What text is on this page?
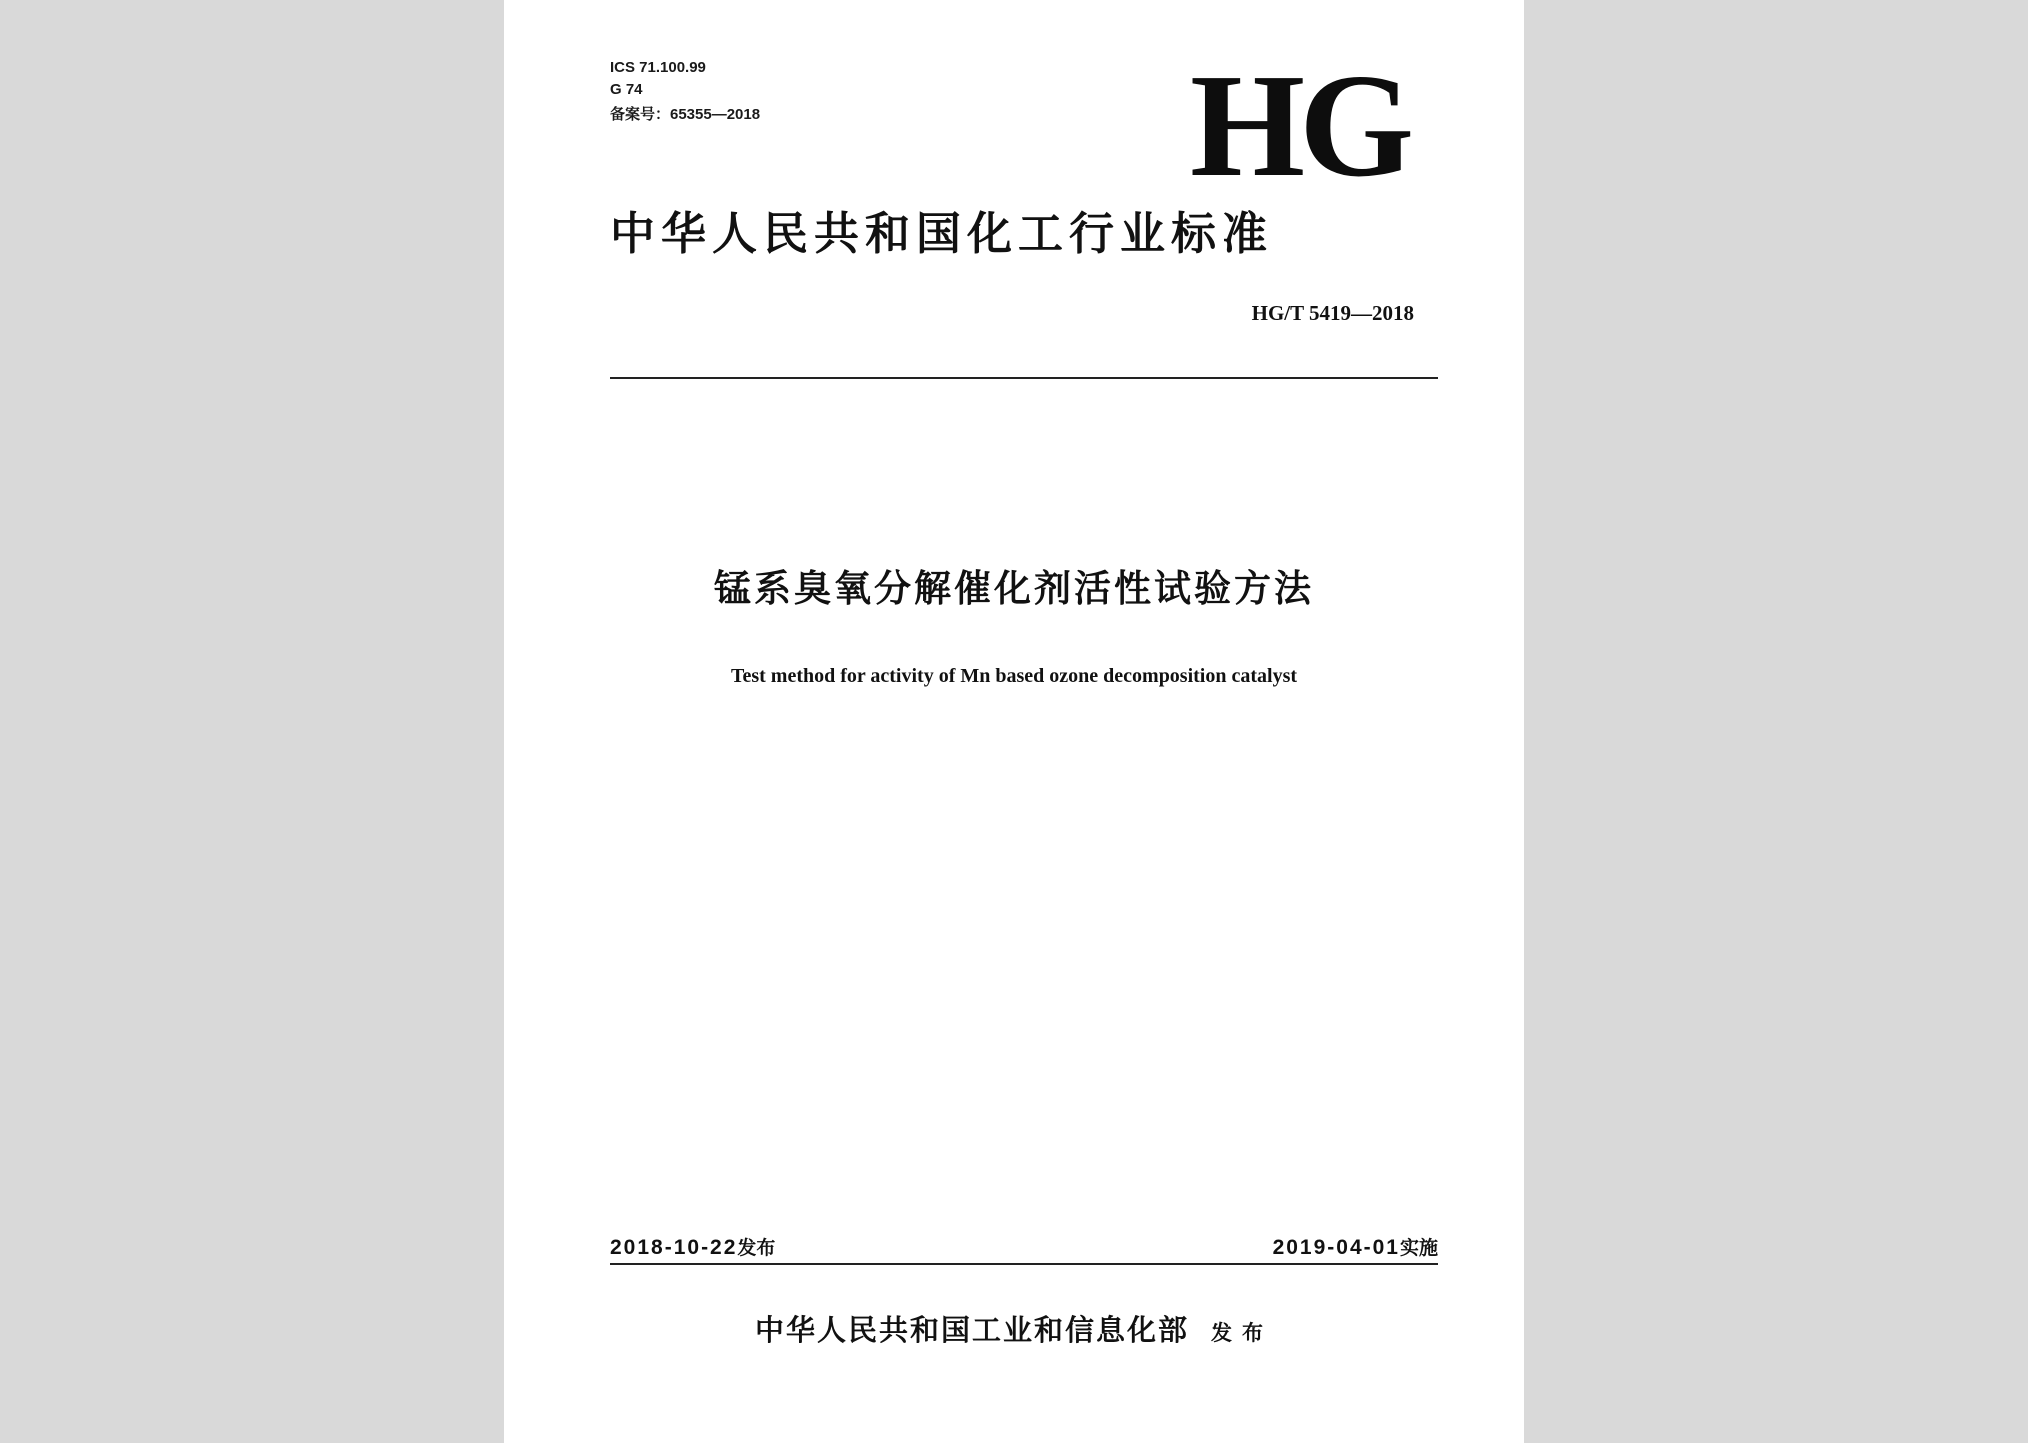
ICS 71.100.99
G 74
备案号：65355—2018	HG
中华人民共和国化工行业标准
HG/T 5419—2018
锰系臭氧分解催化剂活性试验方法
Test method for activity of Mn based ozone decomposition catalyst
2018-10-22发布	2019-04-01实施
中华人民共和国工业和信息化部 发布
